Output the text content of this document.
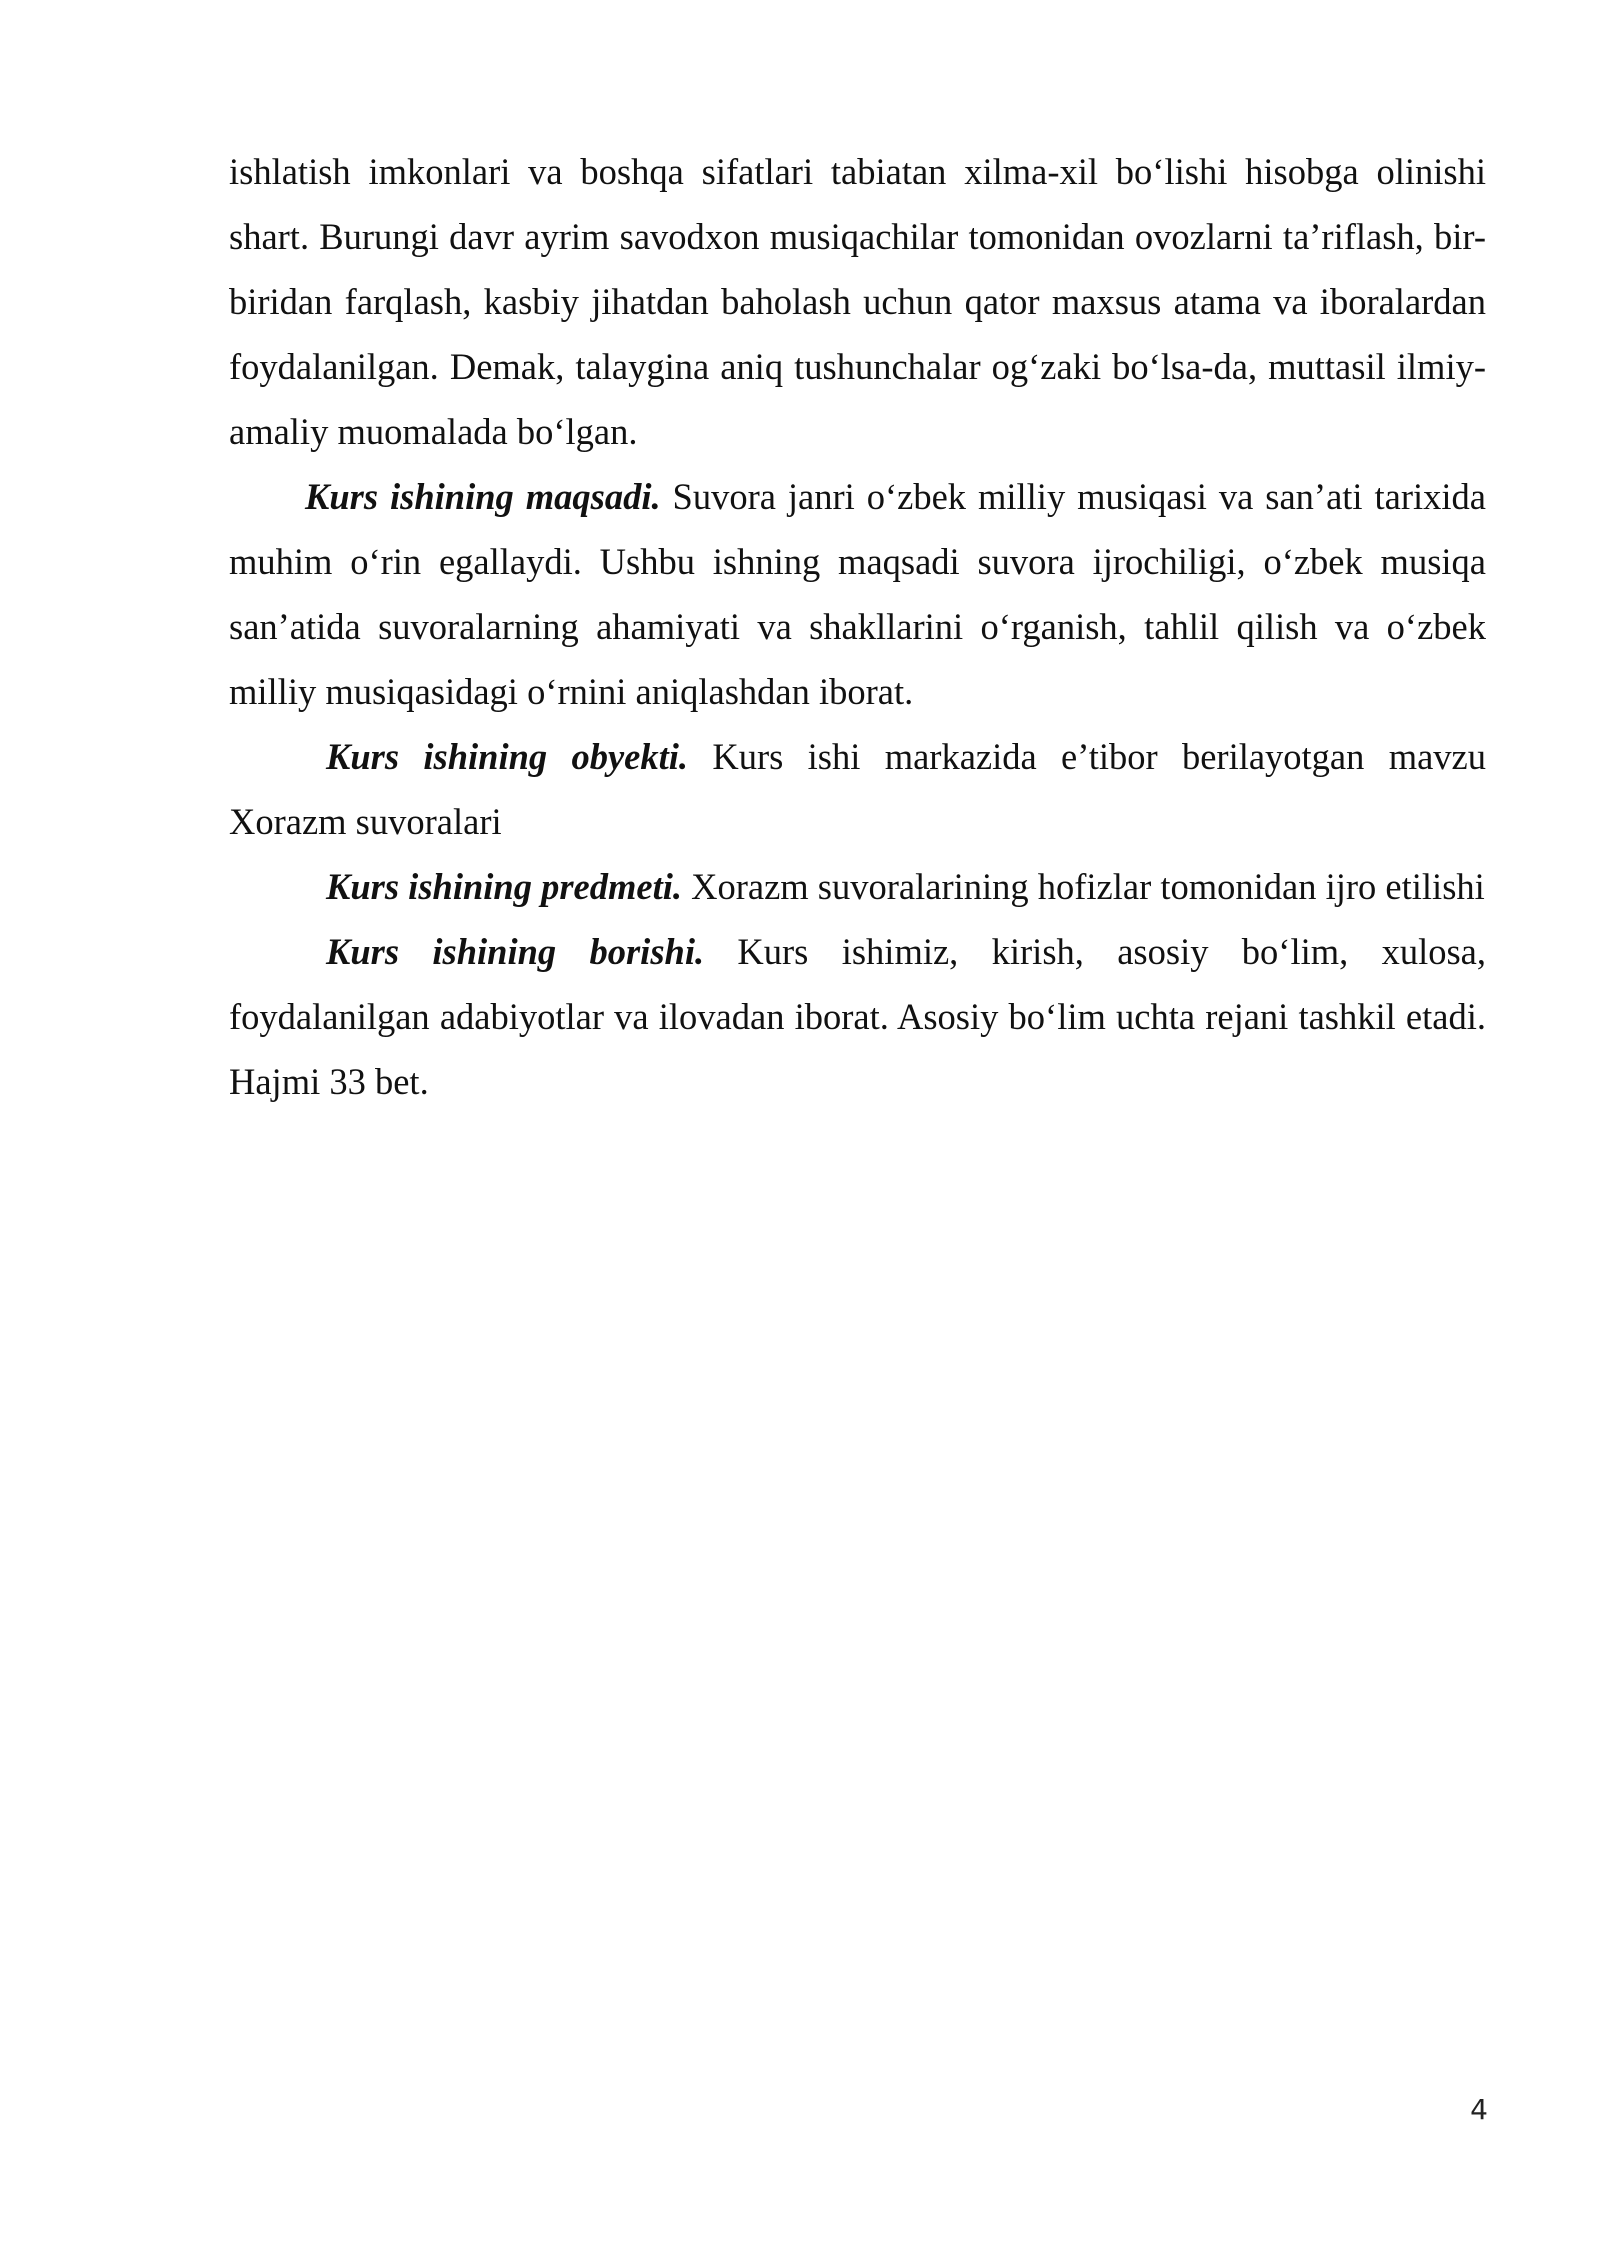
ishlatish imkonlari va boshqa sifatlari tabiatan xilma-xil bo‘lishi hisobga olinishi shart. Burungi davr ayrim savodxon musiqachilar tomonidan ovozlarni ta’riflash, bir-biridan farqlash, kasbiy jihatdan baholash uchun qator maxsus atama va iboralardan foydalanilgan. Demak, talaygina aniq tushunchalar og‘zaki bo‘lsa-da, muttasil ilmiy-amaliy muomalada bo‘lgan.

Kurs ishining maqsadi. Suvora janri o‘zbek milliy musiqasi va san’ati tarixida muhim o‘rin egallaydi. Ushbu ishning maqsadi suvora ijrochiligi, o‘zbek musiqa san’atida suvoralarning ahamiyati va shakllarini o‘rganish, tahlil qilish va o‘zbek milliy musiqasidagi o‘rnini aniqlashdan iborat.

Kurs ishining obyekti. Kurs ishi markazida e’tibor berilayotgan mavzu Xorazm suvoralari

Kurs ishining predmeti. Xorazm suvoralarining hofizlar tomonidan ijro etilishi

Kurs ishining borishi. Kurs ishimiz, kirish, asosiy bo‘lim, xulosa, foydalanilgan adabiyotlar va ilovadan iborat. Asosiy bo‘lim uchta rejani tashkil etadi. Hajmi 33 bet.

4
